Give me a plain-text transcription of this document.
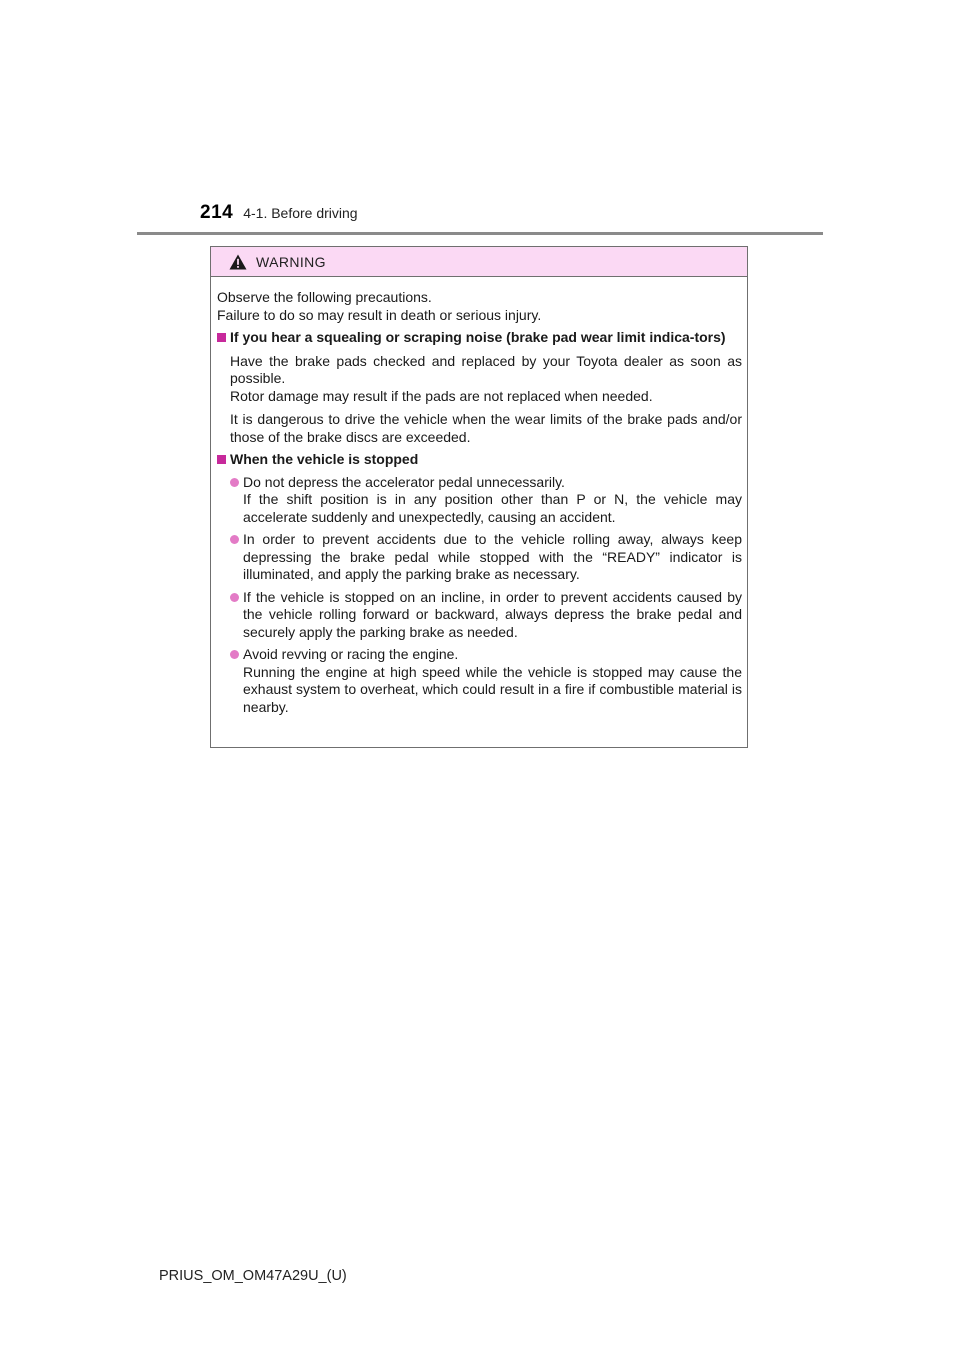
214 4-1. Before driving
WARNING

Observe the following precautions.

Failure to do so may result in death or serious injury.

If you hear a squealing or scraping noise (brake pad wear limit indica-tors)

Have the brake pads checked and replaced by your Toyota dealer as soon as possible.

Rotor damage may result if the pads are not replaced when needed.

It is dangerous to drive the vehicle when the wear limits of the brake pads and/or those of the brake discs are exceeded.

When the vehicle is stopped

Do not depress the accelerator pedal unnecessarily.

If the shift position is in any position other than P or N, the vehicle may accelerate suddenly and unexpectedly, causing an accident.

In order to prevent accidents due to the vehicle rolling away, always keep depressing the brake pedal while stopped with the “READY” indicator is illuminated, and apply the parking brake as necessary.

If the vehicle is stopped on an incline, in order to prevent accidents caused by the vehicle rolling forward or backward, always depress the brake pedal and securely apply the parking brake as needed.

Avoid revving or racing the engine.

Running the engine at high speed while the vehicle is stopped may cause the exhaust system to overheat, which could result in a fire if combustible material is nearby.

PRIUS_OM_OM47A29U_(U)
